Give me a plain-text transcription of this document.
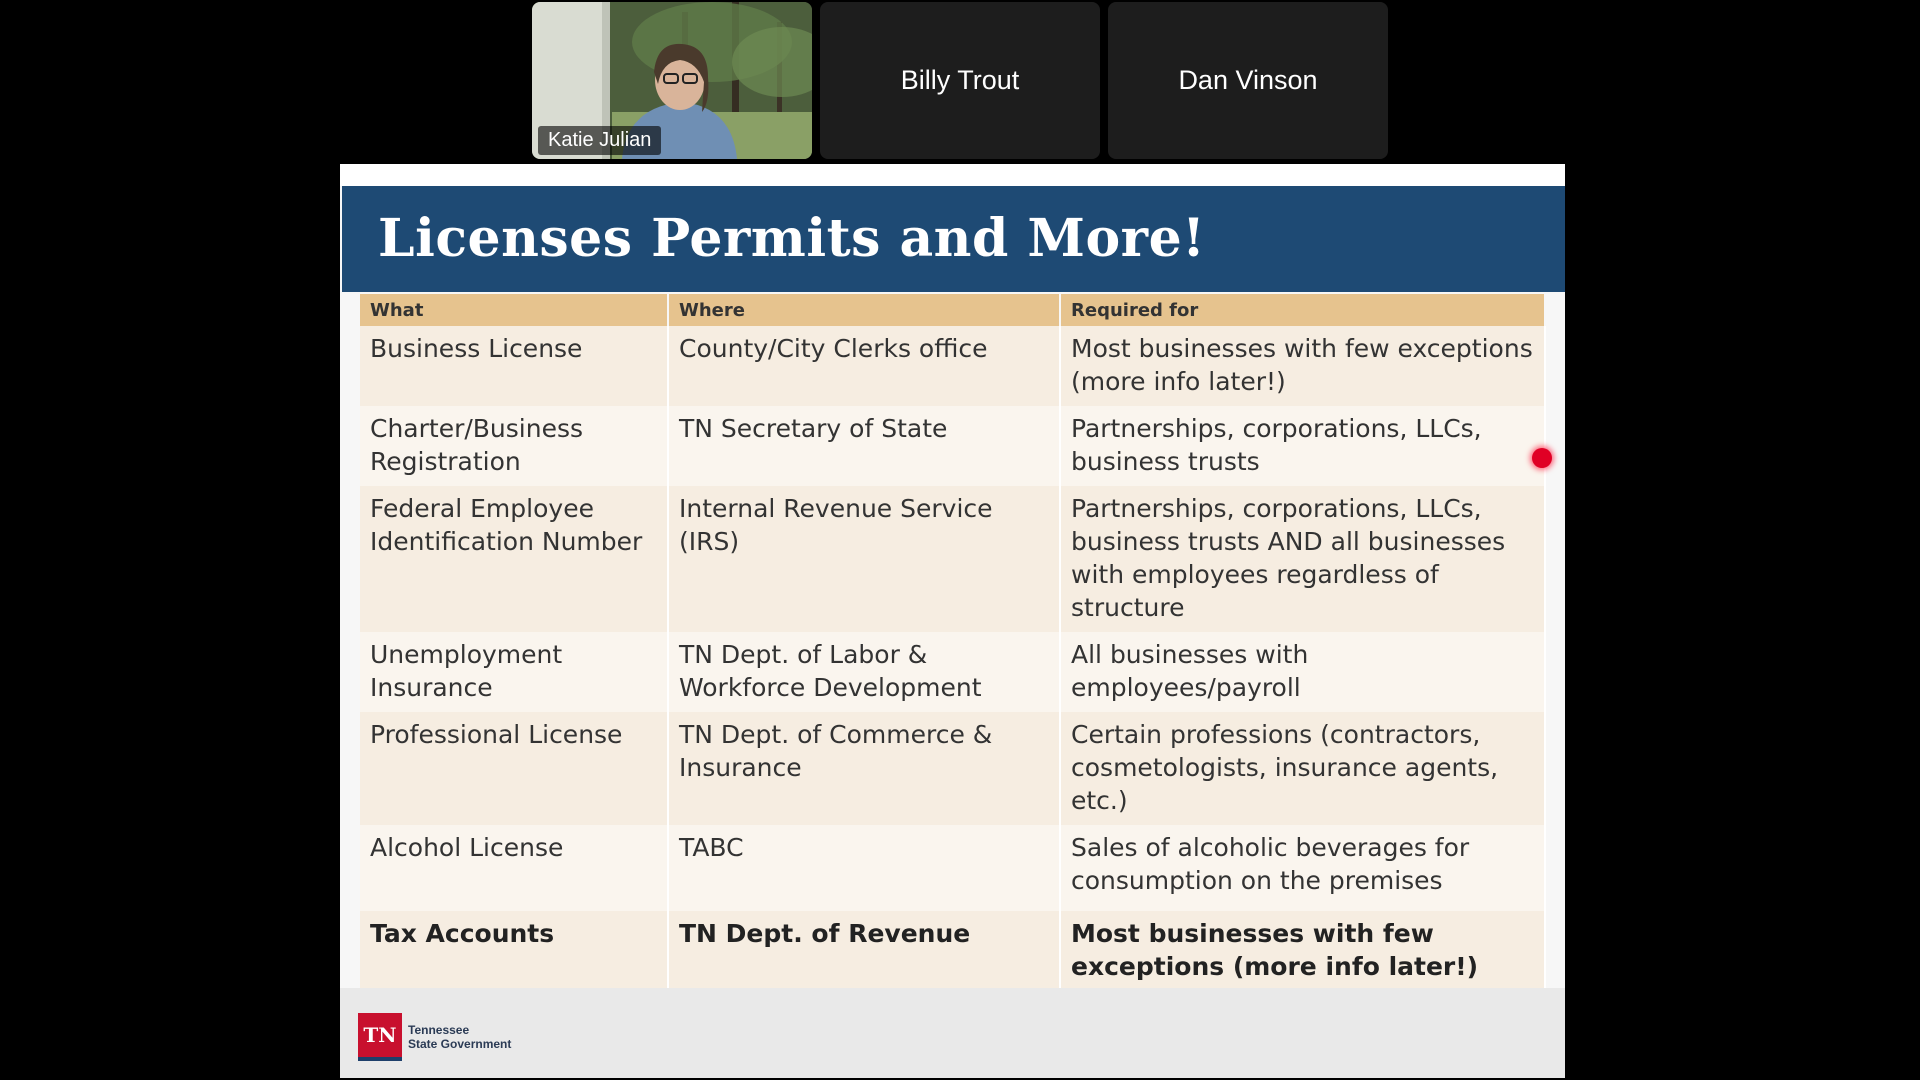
Katie Julian
Billy Trout	Dan Vinson
Licenses Permits and More!
What	Where	Required for
Business License	County/City Clerks office	Most businesses with few exceptions (more info later!)
Charter/Business Registration	TN Secretary of State	Partnerships, corporations, LLCs, business trusts
Federal Employee Identification Number	Internal Revenue Service (IRS)	Partnerships, corporations, LLCs, business trusts AND all businesses with employees regardless of structure
Unemployment Insurance	TN Dept. of Labor & Workforce Development	All businesses with employees/payroll
Professional License	TN Dept. of Commerce & Insurance	Certain professions (contractors, cosmetologists, insurance agents, etc.)
Alcohol License	TABC	Sales of alcoholic beverages for consumption on the premises
Tax Accounts	TN Dept. of Revenue	Most businesses with few exceptions (more info later!)
TN Tennessee
State Government
